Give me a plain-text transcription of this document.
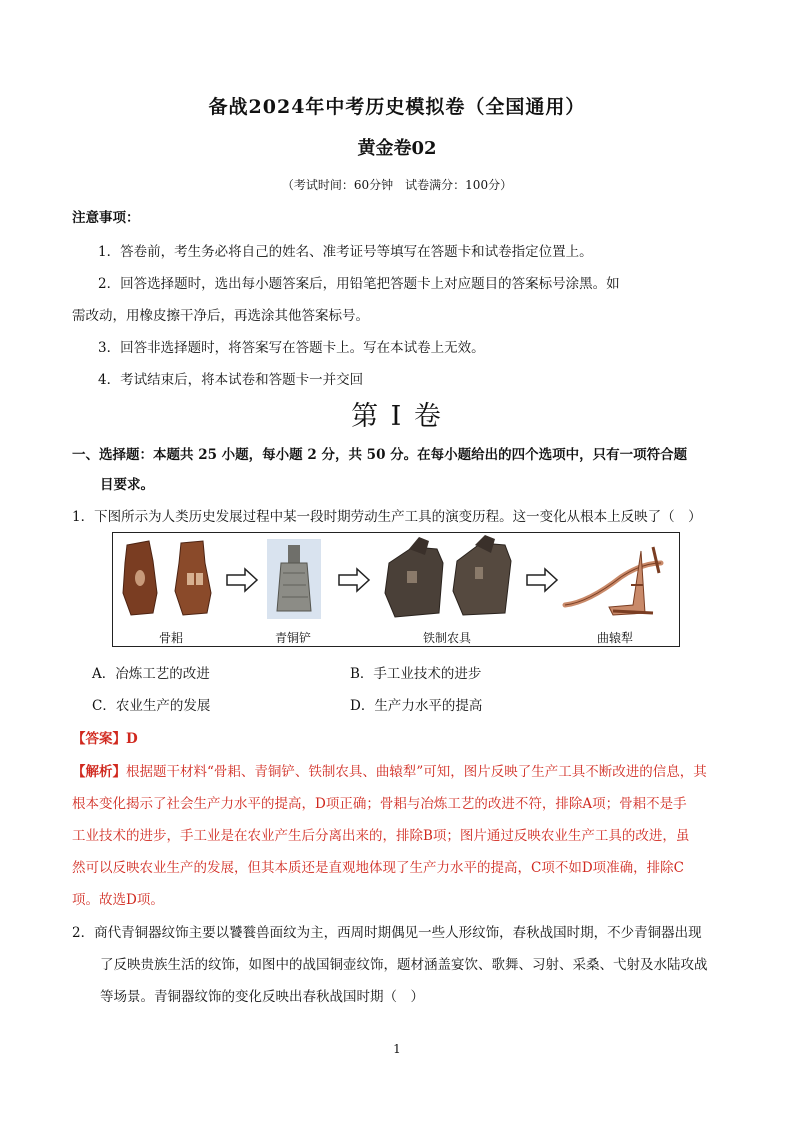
备战2024年中考历史模拟卷（全国通用）
黄金卷02
（考试时间：60分钟　试卷满分：100分）
注意事项：
1．答卷前，考生务必将自己的姓名、准考证号等填写在答题卡和试卷指定位置上。
2．回答选择题时，选出每小题答案后，用铅笔把答题卡上对应题目的答案标号涂黑。如
需改动，用橡皮擦干净后，再选涂其他答案标号。
3．回答非选择题时，将答案写在答题卡上。写在本试卷上无效。
4．考试结束后，将本试卷和答题卡一并交回
第 I 卷
一、选择题：本题共 25 小题，每小题 2 分，共 50 分。在每小题给出的四个选项中，只有一项符合题
目要求。
1．下图所示为人类历史发展过程中某一段时期劳动生产工具的演变历程。这一变化从根本上反映了（　）
骨耜	青铜铲	铁制农具	曲辕犁
A．冶炼工艺的改进	B．手工业技术的进步
C．农业生产的发展	D．生产力水平的提高
【答案】D
【解析】根据题干材料“骨耜、青铜铲、铁制农具、曲辕犁”可知，图片反映了生产工具不断改进的信息，其
根本变化揭示了社会生产力水平的提高，D项正确；骨耜与冶炼工艺的改进不符，排除A项；骨耜不是手
工业技术的进步，手工业是在农业产生后分离出来的，排除B项；图片通过反映农业生产工具的改进，虽
然可以反映农业生产的发展，但其本质还是直观地体现了生产力水平的提高，C项不如D项准确，排除C
项。故选D项。
2．商代青铜器纹饰主要以饕餮兽面纹为主，西周时期偶见一些人形纹饰，春秋战国时期，不少青铜器出现
了反映贵族生活的纹饰，如图中的战国铜壶纹饰，题材涵盖宴饮、歌舞、习射、采桑、弋射及水陆攻战
等场景。青铜器纹饰的变化反映出春秋战国时期（　）
1
